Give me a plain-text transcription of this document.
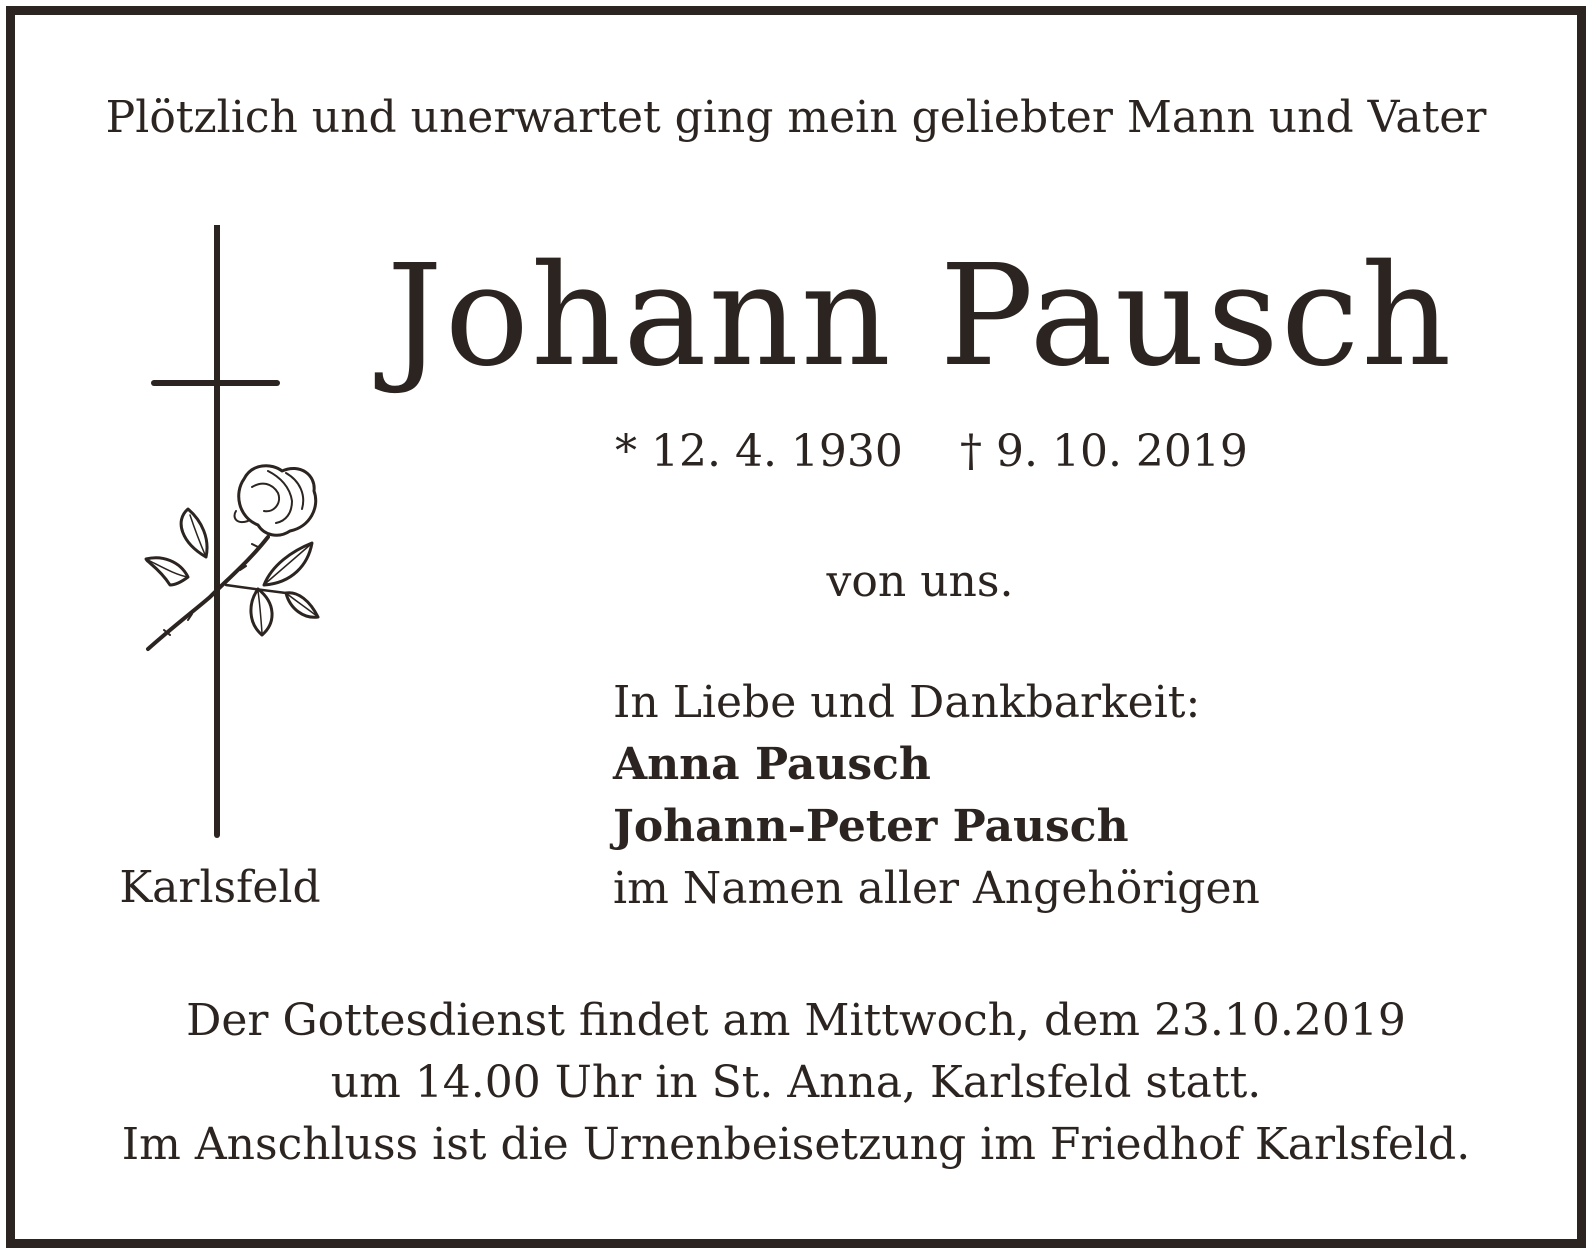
Plötzlich und unerwartet ging mein geliebter Mann und Vater
Johann Pausch
* 12. 4. 1930 † 9. 10. 2019
von uns.
Karlsfeld
In Liebe und Dankbarkeit:
Anna Pausch
Johann-Peter Pausch
im Namen aller Angehörigen
Der Gottesdienst findet am Mittwoch, dem 23.10.2019
um 14.00 Uhr in St. Anna, Karlsfeld statt.
Im Anschluss ist die Urnenbeisetzung im Friedhof Karlsfeld.
